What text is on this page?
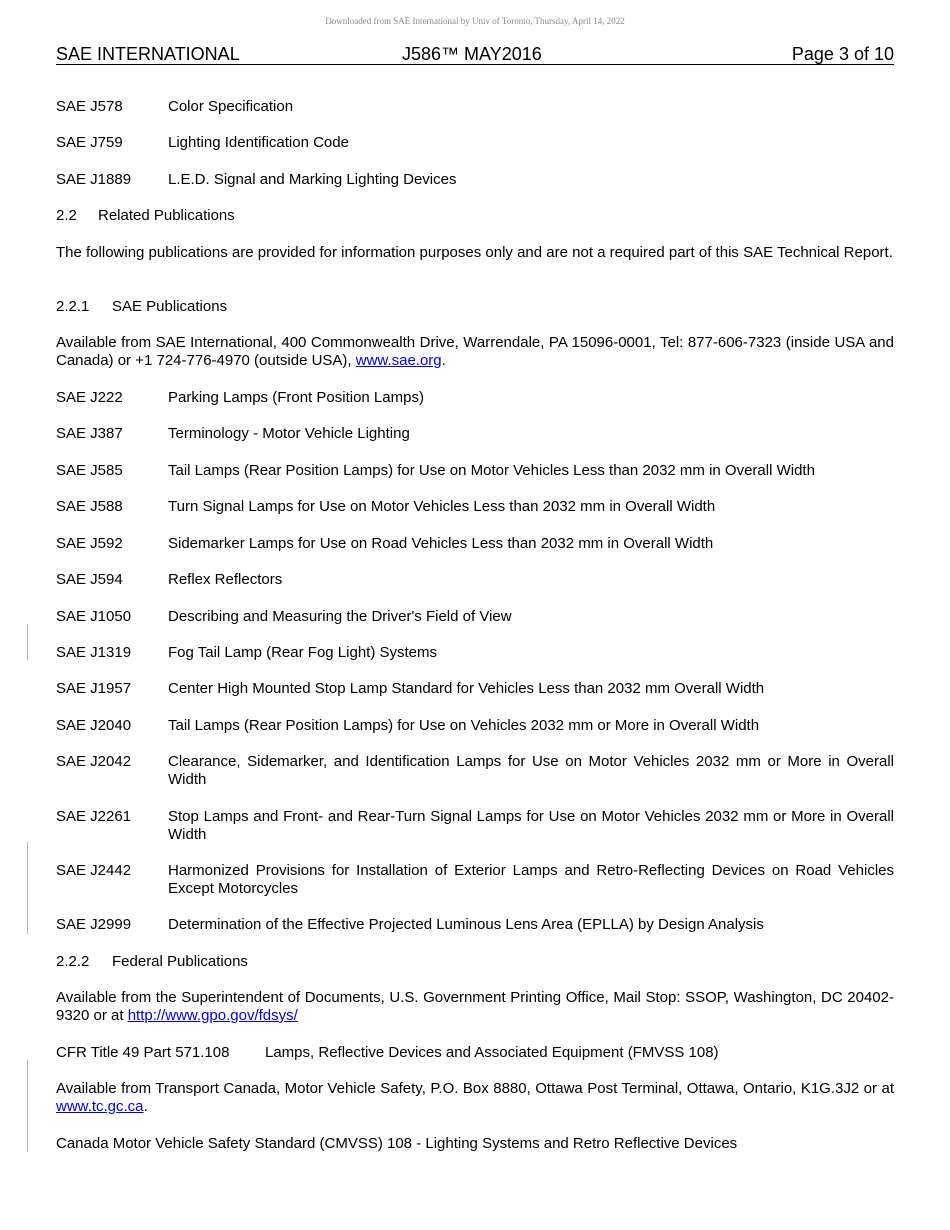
Downloaded from SAE International by Univ of Toronto, Thursday, April 14, 2022
SAE INTERNATIONAL	J586™ MAY2016	Page 3 of 10
SAE J578	Color Specification
SAE J759	Lighting Identification Code
SAE J1889 L.E.D. Signal and Marking Lighting Devices
2.2 Related Publications
The following publications are provided for information purposes only and are not a required part of this SAE Technical Report.
2.2.1 SAE Publications
Available from SAE International, 400 Commonwealth Drive, Warrendale, PA 15096-0001, Tel: 877-606-7323 (inside USA and Canada) or +1 724-776-4970 (outside USA), www.sae.org.
SAE J222	Parking Lamps (Front Position Lamps)
SAE J387	Terminology - Motor Vehicle Lighting
SAE J585	Tail Lamps (Rear Position Lamps) for Use on Motor Vehicles Less than 2032 mm in Overall Width
SAE J588	Turn Signal Lamps for Use on Motor Vehicles Less than 2032 mm in Overall Width
SAE J592	Sidemarker Lamps for Use on Road Vehicles Less than 2032 mm in Overall Width
SAE J594	Reflex Reflectors
SAE J1050 Describing and Measuring the Driver's Field of View
SAE J1319 Fog Tail Lamp (Rear Fog Light) Systems
SAE J1957 Center High Mounted Stop Lamp Standard for Vehicles Less than 2032 mm Overall Width
SAE J2040 Tail Lamps (Rear Position Lamps) for Use on Vehicles 2032 mm or More in Overall Width
SAE J2042 Clearance, Sidemarker, and Identification Lamps for Use on Motor Vehicles 2032 mm or More in Overall Width
SAE J2261 Stop Lamps and Front- and Rear-Turn Signal Lamps for Use on Motor Vehicles 2032 mm or More in Overall Width
SAE J2442 Harmonized Provisions for Installation of Exterior Lamps and Retro-Reflecting Devices on Road Vehicles Except Motorcycles
SAE J2999 Determination of the Effective Projected Luminous Lens Area (EPLLA) by Design Analysis
2.2.2 Federal Publications
Available from the Superintendent of Documents, U.S. Government Printing Office, Mail Stop: SSOP, Washington, DC 20402-9320 or at http://www.gpo.gov/fdsys/
CFR Title 49 Part 571.108 Lamps, Reflective Devices and Associated Equipment (FMVSS 108)
Available from Transport Canada, Motor Vehicle Safety, P.O. Box 8880, Ottawa Post Terminal, Ottawa, Ontario, K1G.3J2 or at www.tc.gc.ca.
Canada Motor Vehicle Safety Standard (CMVSS) 108 - Lighting Systems and Retro Reflective Devices
